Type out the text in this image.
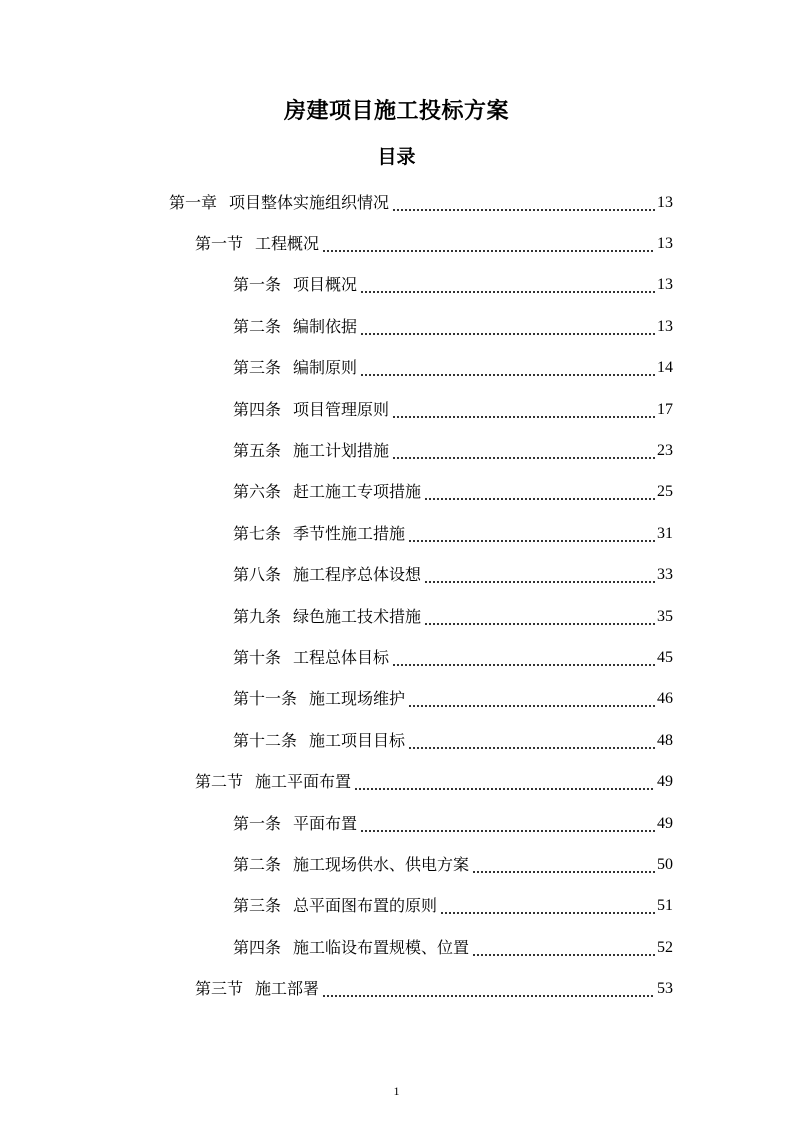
房建项目施工投标方案
目录
第一章 项目整体实施组织情况	13
第一节 工程概况	13
第一条 项目概况	13
第二条 编制依据	13
第三条 编制原则	14
第四条 项目管理原则	17
第五条 施工计划措施	23
第六条 赶工施工专项措施	25
第七条 季节性施工措施	31
第八条 施工程序总体设想	33
第九条 绿色施工技术措施	35
第十条 工程总体目标	45
第十一条 施工现场维护	46
第十二条 施工项目目标	48
第二节 施工平面布置	49
第一条 平面布置	49
第二条 施工现场供水、供电方案	50
第三条 总平面图布置的原则	51
第四条 施工临设布置规模、位置	52
第三节 施工部署	53
1
